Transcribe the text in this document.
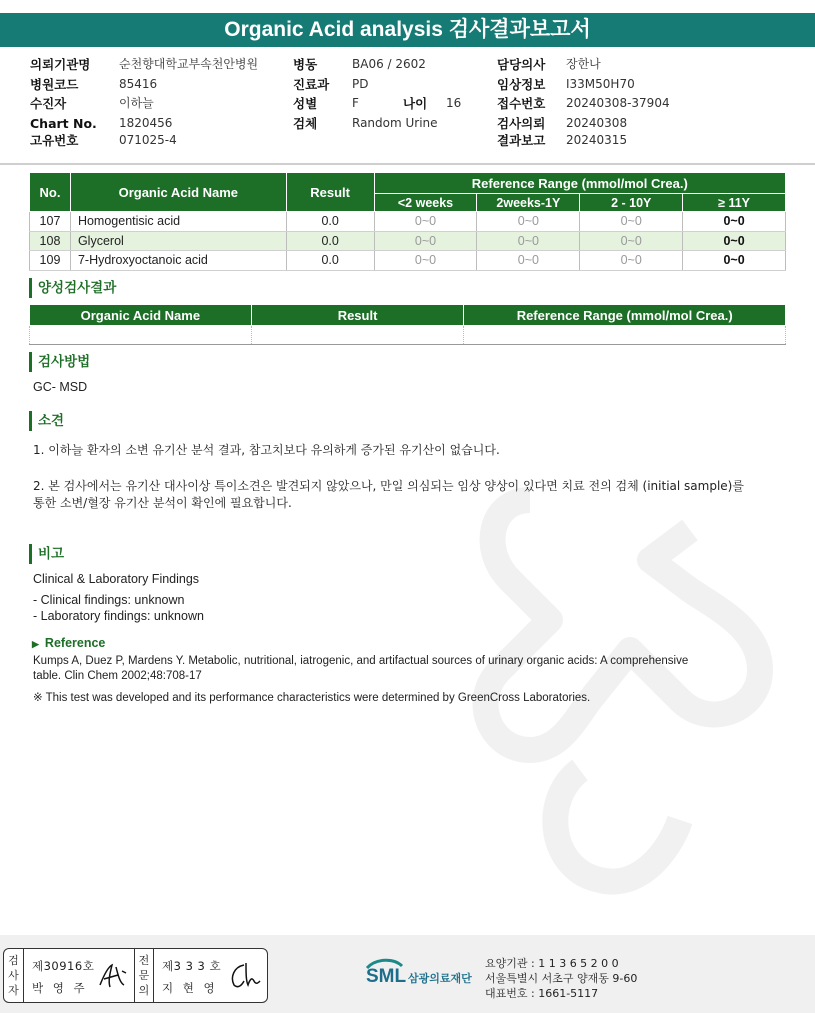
Organic Acid analysis 검사결과보고서
의뢰기관명 순천향대학교부속천안병원
병원코드	85416
수진자	이하늘
Chart No. 1820456
고유번호	071025-4
병동	BA06 / 2602
진료과 PD
성별	F	나이 16
검체	Random Urine
담당의사 장한나
임상정보 I33M50H70
접수번호 20240308-37904
검사의뢰 20240308
결과보고 20240315
No.	Organic Acid Name	Result	Reference Range (mmol/mol Crea.)			
			<2 weeks	2weeks-1Y	2 - 10Y	≥ 11Y
107	Homogentisic acid	0.0	0~0	0~0	0~0	0~0
108	Glycerol	0.0	0~0	0~0	0~0	0~0
109	7-Hydroxyoctanoic acid	0.0	0~0	0~0	0~0	0~0
양성검사결과
Organic Acid Name	Result	Reference Range (mmol/mol Crea.)

검사방법
GC- MSD
소견
1. 이하늘 환자의 소변 유기산 분석 결과, 참고치보다 유의하게 증가된 유기산이 없습니다.
2. 본 검사에서는 유기산 대사이상 특이소견은 발견되지 않았으나, 만일 의심되는 임상 양상이 있다면 치료 전의 검체 (initial sample)를
통한 소변/혈장 유기산 분석이 확인에 필요합니다.
비고
Clinical & Laboratory Findings
- Clinical findings: unknown
- Laboratory findings: unknown
▶ Reference
Kumps A, Duez P, Mardens Y. Metabolic, nutritional, iatrogenic, and artifactual sources of urinary organic acids: A comprehensive
table. Clin Chem 2002;48:708-17
※ This test was developed and its performance characteristics were determined by GreenCross Laboratories.
검사자
제30916호
박 영 주
전문의
제3 3 3 호
지 현 영
SML 삼광의료재단
요양기관 : 1 1 3 6 5 2 0 0
서울특별시 서초구 양재동 9-60
대표번호 : 1661-5117
